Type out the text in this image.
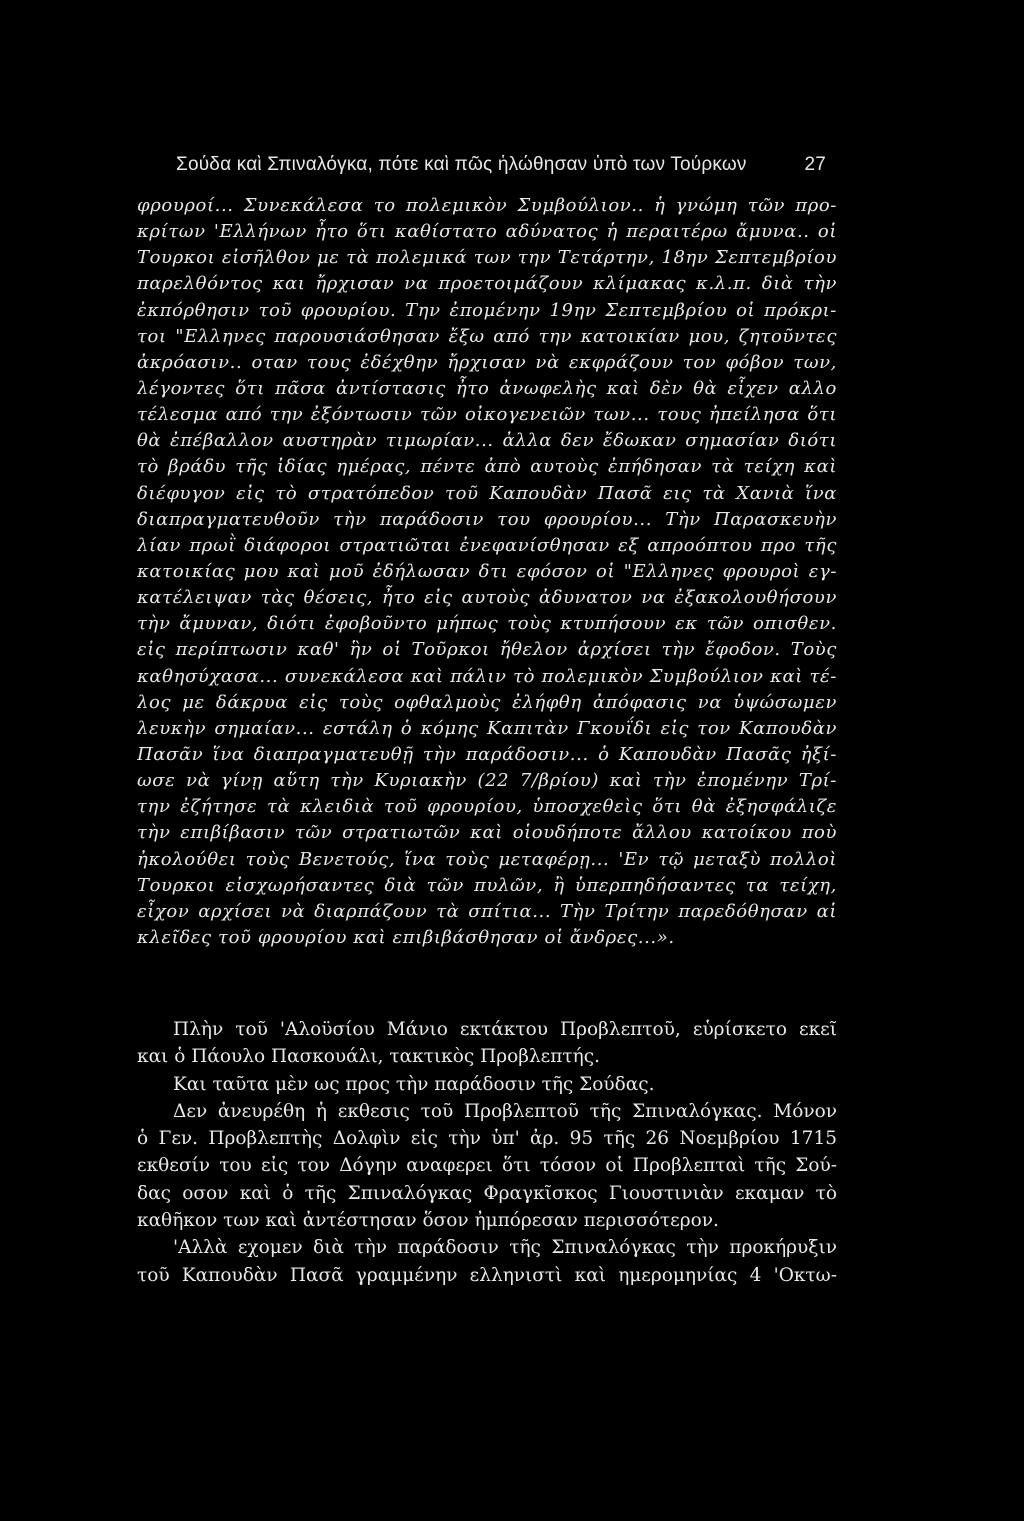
Σούδα καὶ Σπιναλόγκα, πότε καὶ πῶς ἡλώθησαν ὑπὸ των Τούρκων	27
φρουροί... Συνεκάλεσα το πολεμικὸν Συμβούλιον.. ἡ γνώμη τῶν προ-
κρίτων 'Ελλήνων ἦτο ὅτι καθίστατο αδύνατος ἡ περαιτέρω ἄμυνα.. οἱ
Τουρκοι εἰσῆλθον με τὰ πολεμικά των την Τετάρτην, 18ην Σεπτεμβρίου
παρελθόντος και ἤρχισαν να προετοιμάζουν κλίμακας κ.λ.π. διὰ τὴν
ἐκπόρθησιν τοῦ φρουρίου. Την ἐπομένην 19ην Σεπτεμβρίου οἱ πρόκρι-
τοι "Ελληνες παρουσιάσθησαν ἔξω από την κατοικίαν μου, ζητοῦντες
ἀκρόασιν.. οταν τους ἐδέχθην ἤρχισαν νὰ εκφράζουν τον φόβον των,
λέγοντες ὅτι πᾶσα ἀντίστασις ἦτο ἀνωφελὴς καὶ δὲν θὰ εἶχεν αλλο
τέλεσμα από την ἐξόντωσιν τῶν οἰκογενειῶν των... τους ἠπείλησα ὅτι
θὰ ἐπέβαλλον αυστηρὰν τιμωρίαν... ἀλλα δεν ἔδωκαν σημασίαν διότι
τὸ βράδυ τῆς ἰδίας ημέρας, πέντε ἀπὸ αυτοὺς ἐπήδησαν τὰ τείχη καὶ
διέφυγον εἰς τὸ στρατόπεδον τοῦ Καπουδὰν Πασᾶ εις τὰ Χανιὰ ἵνα
διαπραγματευθοῦν τὴν παράδοσιν του φρουρίου... Τὴν Παρασκευὴν
λίαν πρωῒ διάφοροι στρατιῶται ἐνεφανίσθησαν εξ απροόπτου προ τῆς
κατοικίας μου καὶ μοῦ ἐδήλωσαν δτι εφόσον οἱ "Ελληνες φρουροὶ εγ-
κατέλειψαν τὰς θέσεις, ἦτο εἰς αυτοὺς ἀδυνατον να ἐξακολουθήσουν
τὴν ἄμυναν, διότι ἐφοβοῦντο μήπως τοὺς κτυπήσουν εκ τῶν οπισθεν.
εἰς περίπτωσιν καθ' ἣν οἱ Τοῦρκοι ἤθελον ἀρχίσει τὴν ἔφοδον. Τοὺς
καθησύχασα... συνεκάλεσα καὶ πάλιν τὸ πολεμικὸν Συμβούλιον καὶ τέ-
λος με δάκρυα εἰς τοὺς οφθαλμοὺς ἐλήφθη ἀπόφασις να ὑψώσωμεν
λευκὴν σημαίαν... εστάλη ὁ κόμης Καπιτὰν Γκουΐδι εἰς τον Καπουδὰν
Πασᾶν ἵνα διαπραγματευθῇ τὴν παράδοσιν... ὁ Καπουδὰν Πασᾶς ἠξί-
ωσε νὰ γίνῃ αὕτη τὴν Κυριακὴν (22 7/βρίου) καὶ τὴν ἐπομένην Τρί-
την ἐζήτησε τὰ κλειδιὰ τοῦ φρουρίου, ὑποσχεθεὶς ὅτι θὰ ἐξησφάλιζε
τὴν επιβίβασιν τῶν στρατιωτῶν καὶ οἱουδήποτε ἄλλου κατοίκου ποὺ
ἠκολούθει τοὺς Βενετούς, ἵνα τοὺς μεταφέρῃ... 'Εν τῷ μεταξὺ πολλοὶ
Τουρκοι εἰσχωρήσαντες διὰ τῶν πυλῶν, ἢ ὑπερπηδήσαντες τα τείχη,
εἶχον αρχίσει νὰ διαρπάζουν τὰ σπίτια... Τὴν Τρίτην παρεδόθησαν αἱ
κλεῖδες τοῦ φρουρίου καὶ επιβιβάσθησαν οἱ ἄνδρες...».
Πλὴν τοῦ 'Αλοϋσίου Μάνιο εκτάκτου Προβλεπτοῦ, εὑρίσκετο εκεῖ
και ὁ Πάουλο Πασκουάλι, τακτικὸς Προβλεπτής.
Και ταῦτα μὲν ως προς τὴν παράδοσιν τῆς Σούδας.
Δεν ἀνευρέθη ἡ εκθεσις τοῦ Προβλεπτοῦ τῆς Σπιναλόγκας. Μόνον
ὁ Γεν. Προβλεπτὴς Δολφὶν εἰς τὴν ὑπ' ἀρ. 95 τῆς 26 Νοεμβρίου 1715
εκθεσίν του εἰς τον Δόγην αναφερει ὅτι τόσον οἱ Προβλεπταὶ τῆς Σού-
δας οσον καὶ ὁ τῆς Σπιναλόγκας Φραγκῖσκος Γιουστινιὰν εκαμαν τὸ
καθῆκον των καὶ ἀντέστησαν ὅσον ἠμπόρεσαν περισσότερον.
'Αλλὰ εχομεν διὰ τὴν παράδοσιν τῆς Σπιναλόγκας τὴν προκήρυξιν
τοῦ Καπουδὰν Πασᾶ γραμμένην ελληνιστὶ καὶ ημερομηνίας 4 'Οκτω-
